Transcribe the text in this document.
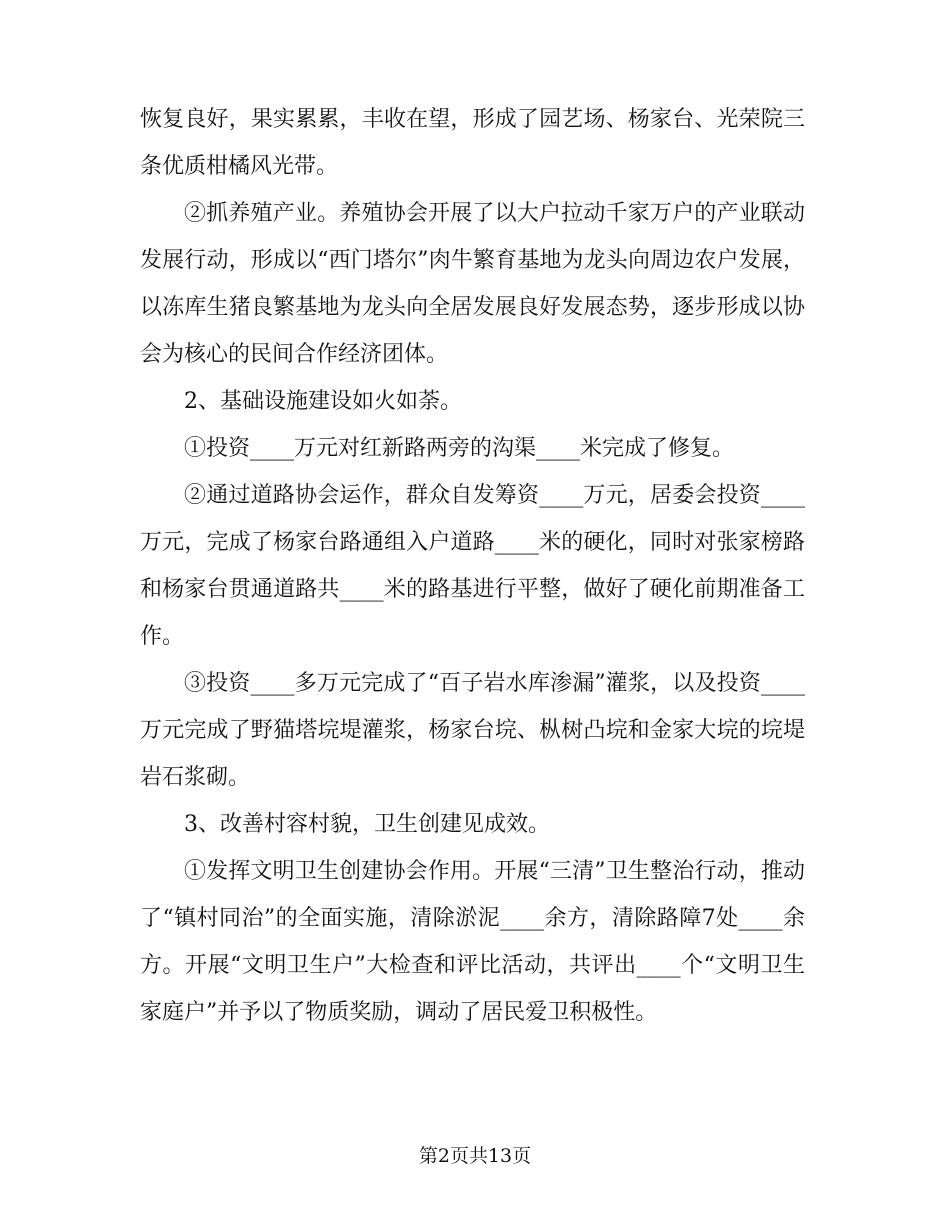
恢复良好，果实累累，丰收在望，形成了园艺场、杨家台、光荣院三条优质柑橘风光带。

②抓养殖产业。养殖协会开展了以大户拉动千家万户的产业联动发展行动，形成以“西门塔尔”肉牛繁育基地为龙头向周边农户发展，以冻库生猪良繁基地为龙头向全居发展良好发展态势，逐步形成以协会为核心的民间合作经济团体。

2、基础设施建设如火如荼。

①投资____万元对红新路两旁的沟渠____米完成了修复。

②通过道路协会运作，群众自发筹资____万元，居委会投资____万元，完成了杨家台路通组入户道路____米的硬化，同时对张家榜路和杨家台贯通道路共____米的路基进行平整，做好了硬化前期准备工作。

③投资____多万元完成了“百子岩水库渗漏”灌浆，以及投资____万元完成了野猫塔垸堤灌浆，杨家台垸、枞树凸垸和金家大垸的垸堤岩石浆砌。

3、改善村容村貌，卫生创建见成效。

①发挥文明卫生创建协会作用。开展“三清”卫生整治行动，推动了“镇村同治”的全面实施，清除淤泥____余方，清除路障7处____余方。开展“文明卫生户”大检查和评比活动，共评出____个“文明卫生家庭户”并予以了物质奖励，调动了居民爱卫积极性。

第2页共13页
